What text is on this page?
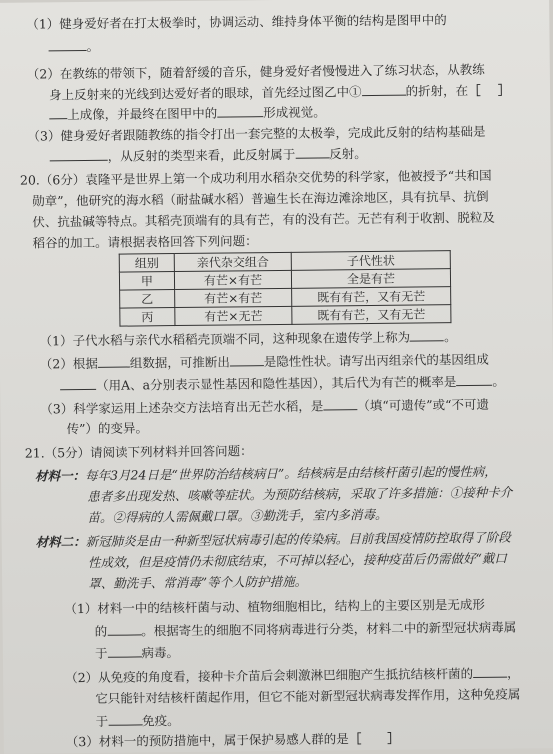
（1）健身爱好者在打太极拳时，协调运动、维持身体平衡的结构是图甲中的
。
（2）在教练的带领下，随着舒缓的音乐，健身爱好者慢慢进入了练习状态，从教练
身上反射来的光线到达爱好者的眼球，首先经过图乙中①	的折射，在［    ］
上成像，并最终在图甲中的	形成视觉。
（3）健身爱好者跟随教练的指令打出一套完整的太极拳，完成此反射的结构基础是
，从反射的类型来看，此反射属于	反射。
20.（6分）袁隆平是世界上第一个成功利用水稻杂交优势的科学家，他被授予“共和国
勋章”，他研究的海水稻（耐盐碱水稻）普遍生长在海边滩涂地区，具有抗旱、抗倒
伏、抗盐碱等特点。其稻壳顶端有的具有芒，有的没有芒。无芒有利于收割、脱粒及
稻谷的加工。请根据表格回答下列问题：
组别	亲代杂交组合	子代性状
甲	有芒×有芒	全是有芒
乙	有芒×有芒	既有有芒，又有无芒
丙	有芒×无芒	既有有芒，又有无芒
（1）子代水稻与亲代水稻稻壳顶端不同，这种现象在遗传学上称为	。
（2）根据	组数据，可推断出	是隐性性状。请写出丙组亲代的基因组成
（用A、a分别表示显性基因和隐性基因），其后代为有芒的概率是	。
（3）科学家运用上述杂交方法培育出无芒水稻，是	（填“可遗传”或“不可遗
传”）的变异。
21.（5分）请阅读下列材料并回答问题：
材料一：每年3月24日是“世界防治结核病日”。结核病是由结核杆菌引起的慢性病，
患者多出现发热、咳嗽等症状。为预防结核病，采取了许多措施：①接种卡介
苗。②得病的人需佩戴口罩。③勤洗手，室内多消毒。
材料二：新冠肺炎是由一种新型冠状病毒引起的传染病。目前我国疫情防控取得了阶段
性成效，但是疫情仍未彻底结束，不可掉以轻心，接种疫苗后仍需做好“戴口
罩、勤洗手、常消毒”等个人防护措施。
（1）材料一中的结核杆菌与动、植物细胞相比，结构上的主要区别是无成形
的	。根据寄生的细胞不同将病毒进行分类，材料二中的新型冠状病毒属
于	病毒。
（2）从免疫的角度看，接种卡介苗后会刺激淋巴细胞产生抵抗结核杆菌的	，
它只能针对结核杆菌起作用，但它不能对新型冠状病毒发挥作用，这种免疫属
于	免疫。
（3）材料一的预防措施中，属于保护易感人群的是［      ］
